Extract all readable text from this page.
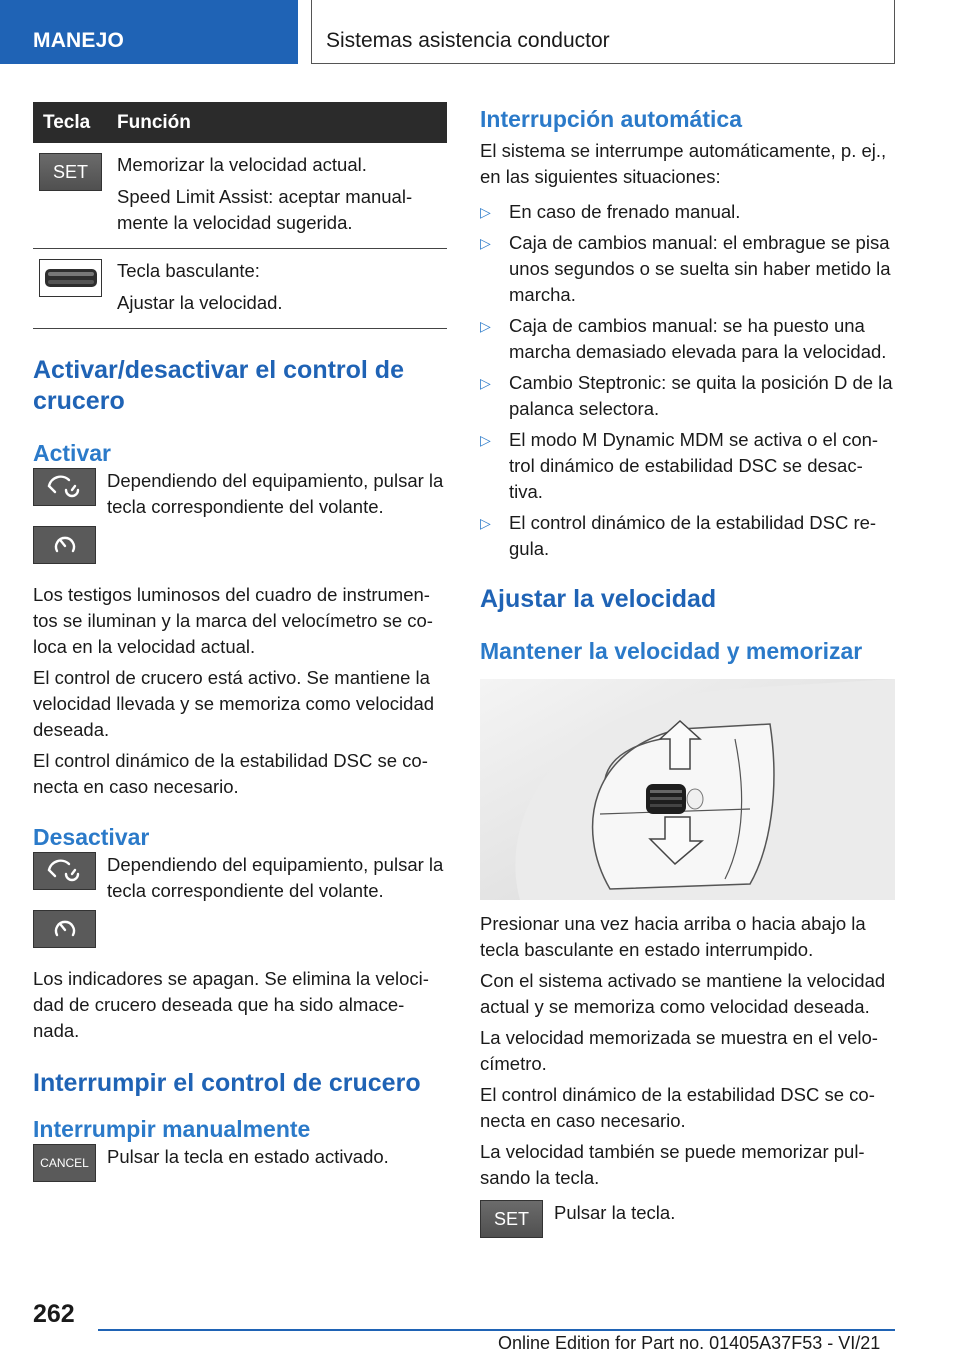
MANEJO	Sistemas asistencia conductor
Tecla	Función

SET	Memorizar la velocidad actual.

Speed Limit Assist: aceptar manual-mente la velocidad sugerida.

Tecla basculante:

Ajustar la velocidad.

Activar/desactivar el control de crucero
Activar
Dependiendo del equipamiento, pulsar la tecla correspondiente del volante.

Los testigos luminosos del cuadro de instrumen-tos se iluminan y la marca del velocímetro se co-loca en la velocidad actual.

El control de crucero está activo. Se mantiene la velocidad llevada y se memoriza como velocidad deseada.

El control dinámico de la estabilidad DSC se co-necta en caso necesario.

Desactivar
Dependiendo del equipamiento, pulsar la tecla correspondiente del volante.

Los indicadores se apagan. Se elimina la veloci-dad de crucero deseada que ha sido almace-nada.

Interrumpir el control de crucero
Interrumpir manualmente
CANCEL Pulsar la tecla en estado activado.
Interrupción automática

El sistema se interrumpe automáticamente, p. ej., en las siguientes situaciones:

▷ En caso de frenado manual.
▷ Caja de cambios manual: el embrague se pisa unos segundos o se suelta sin haber metido la marcha.
▷ Caja de cambios manual: se ha puesto una marcha demasiado elevada para la velocidad.
▷ Cambio Steptronic: se quita la posición D de la palanca selectora.
▷ El modo M Dynamic MDM se activa o el con-trol dinámico de estabilidad DSC se desac-tiva.
▷ El control dinámico de la estabilidad DSC re-gula.
Ajustar la velocidad
Mantener la velocidad y memorizar

Presionar una vez hacia arriba o hacia abajo la tecla basculante en estado interrumpido.

Con el sistema activado se mantiene la velocidad actual y se memoriza como velocidad deseada.

La velocidad memorizada se muestra en el velo-címetro.

El control dinámico de la estabilidad DSC se co-necta en caso necesario.

La velocidad también se puede memorizar pul-sando la tecla.

SET Pulsar la tecla.
262
Online Edition for Part no. 01405A37F53 - VI/21
